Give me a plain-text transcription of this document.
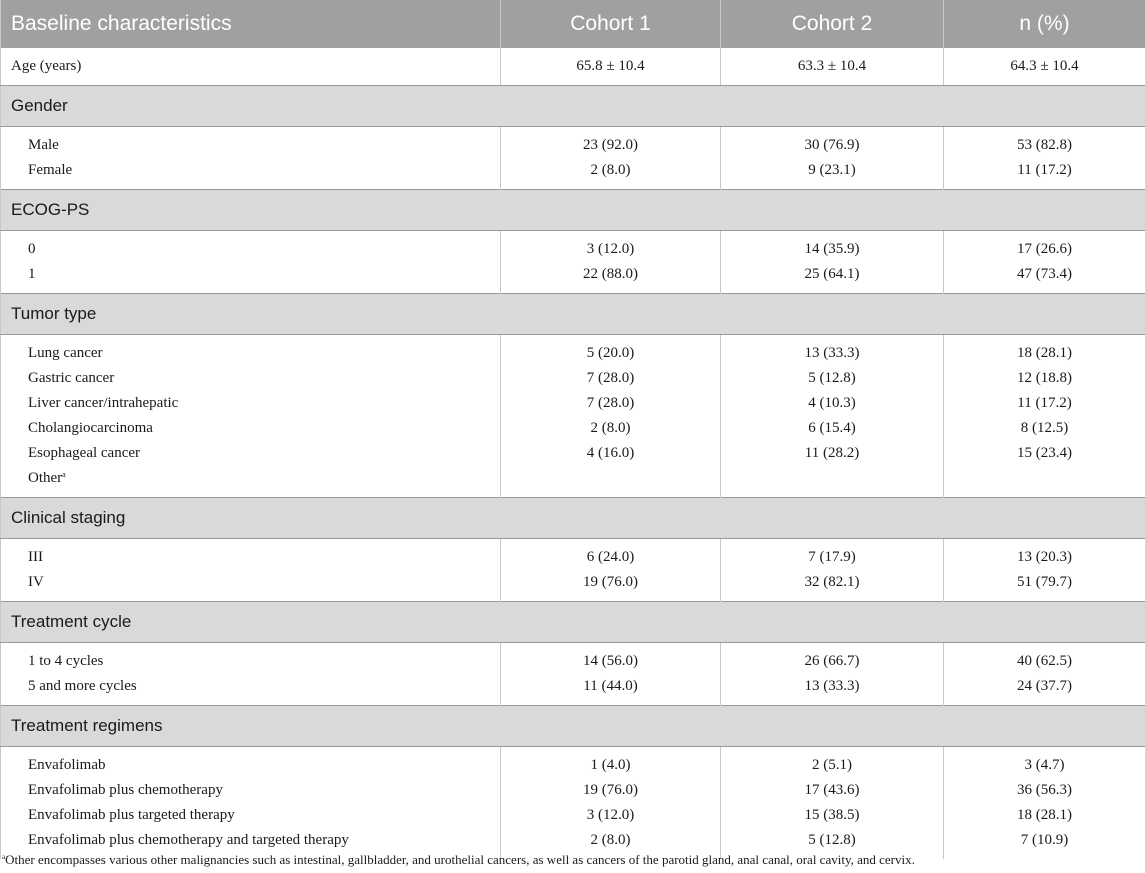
Baseline characteristics	Cohort 1	Cohort 2	n (%)
Age (years)	65.8 ± 10.4	63.3 ± 10.4	64.3 ± 10.4
Gender			
Male	23 (92.0)	30 (76.9)	53 (82.8)
Female	2 (8.0)	9 (23.1)	11 (17.2)
ECOG-PS			
0	3 (12.0)	14 (35.9)	17 (26.6)
1	22 (88.0)	25 (64.1)	47 (73.4)
Tumor type			
Lung cancer	5 (20.0)	13 (33.3)	18 (28.1)
Gastric cancer	7 (28.0)	5 (12.8)	12 (18.8)
Liver cancer/intrahepatic	7 (28.0)	4 (10.3)	11 (17.2)
Cholangiocarcinoma	2 (8.0)	6 (15.4)	8 (12.5)
Esophageal cancer	4 (16.0)	11 (28.2)	15 (23.4)
Other$^a$			
Clinical staging			
III	6 (24.0)	7 (17.9)	13 (20.3)
IV	19 (76.0)	32 (82.1)	51 (79.7)
Treatment cycle			
1 to 4 cycles	14 (56.0)	26 (66.7)	40 (62.5)
5 and more cycles	11 (44.0)	13 (33.3)	24 (37.7)
Treatment regimens			
Envafolimab	1 (4.0)	2 (5.1)	3 (4.7)
Envafolimab plus chemotherapy	19 (76.0)	17 (43.6)	36 (56.3)
Envafolimab plus targeted therapy	3 (12.0)	15 (38.5)	18 (28.1)
Envafolimab plus chemotherapy and targeted therapy	2 (8.0)	5 (12.8)	7 (10.9)
$^a$Other encompasses various other malignancies such as intestinal, gallbladder, and urothelial cancers, as well as cancers of the parotid gland, anal canal, oral cavity, and cervix.
